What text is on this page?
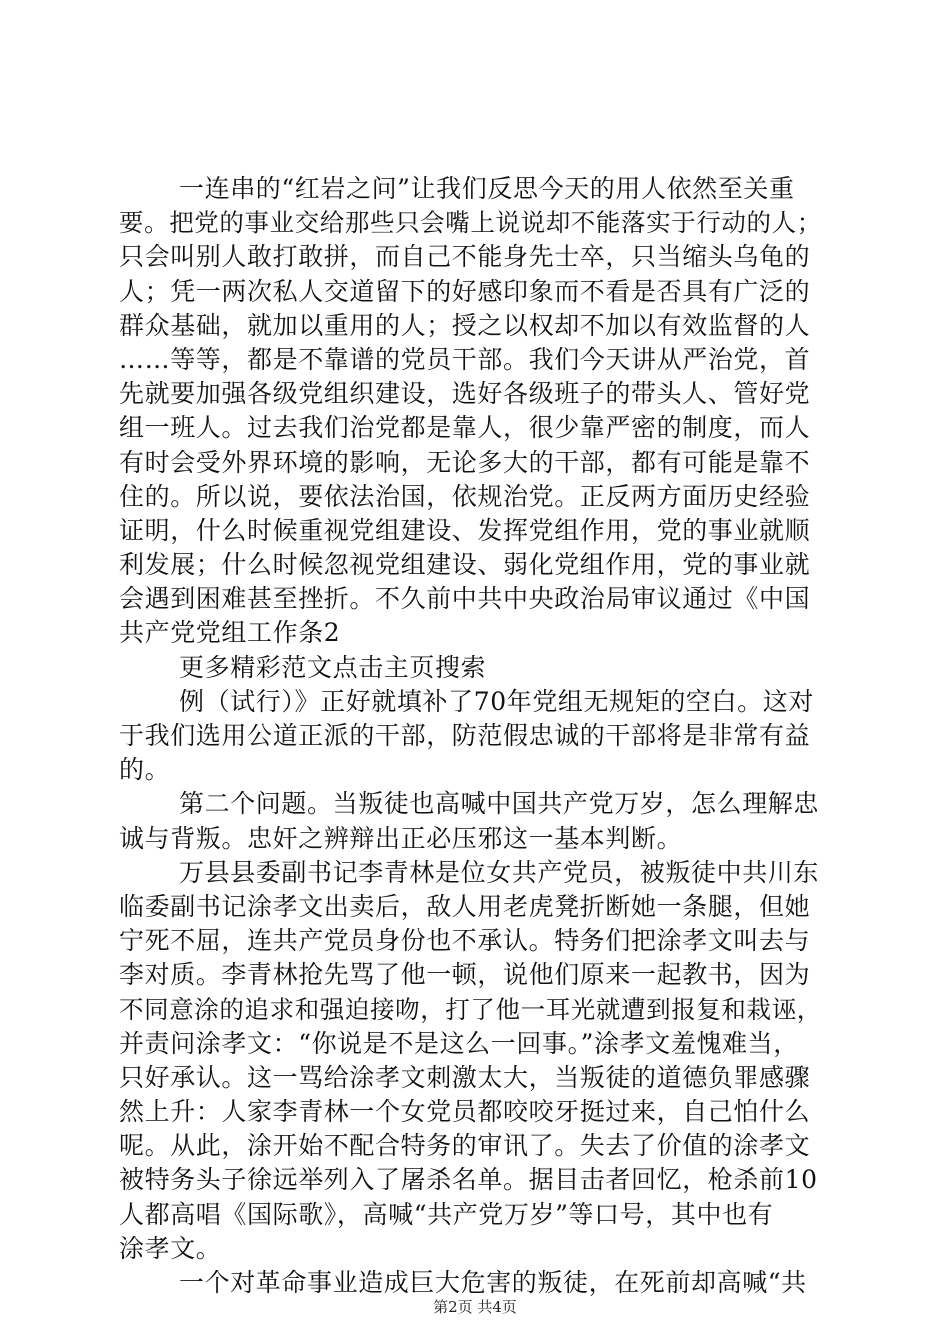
一连串的“红岩之问”让我们反思今天的用人依然至关重
要。把党的事业交给那些只会嘴上说说却不能落实于行动的人；
只会叫别人敢打敢拼，而自己不能身先士卒，只当缩头乌龟的
人；凭一两次私人交道留下的好感印象而不看是否具有广泛的
群众基础，就加以重用的人；授之以权却不加以有效监督的人
……等等，都是不靠谱的党员干部。我们今天讲从严治党，首
先就要加强各级党组织建设，选好各级班子的带头人、管好党
组一班人。过去我们治党都是靠人，很少靠严密的制度，而人
有时会受外界环境的影响，无论多大的干部，都有可能是靠不
住的。所以说，要依法治国，依规治党。正反两方面历史经验
证明，什么时候重视党组建设、发挥党组作用，党的事业就顺
利发展；什么时候忽视党组建设、弱化党组作用，党的事业就
会遇到困难甚至挫折。不久前中共中央政治局审议通过《中国
共产党党组工作条2
更多精彩范文点击主页搜索
例（试行）》正好就填补了70年党组无规矩的空白。这对
于我们选用公道正派的干部，防范假忠诚的干部将是非常有益
的。
第二个问题。当叛徒也高喊中国共产党万岁，怎么理解忠
诚与背叛。忠奸之辨辩出正必压邪这一基本判断。
万县县委副书记李青林是位女共产党员，被叛徒中共川东
临委副书记涂孝文出卖后，敌人用老虎凳折断她一条腿，但她
宁死不屈，连共产党员身份也不承认。特务们把涂孝文叫去与
李对质。李青林抢先骂了他一顿，说他们原来一起教书，因为
不同意涂的追求和强迫接吻，打了他一耳光就遭到报复和栽诬，
并责问涂孝文：“你说是不是这么一回事。”涂孝文羞愧难当，
只好承认。这一骂给涂孝文刺激太大，当叛徒的道德负罪感骤
然上升：人家李青林一个女党员都咬咬牙挺过来，自己怕什么
呢。从此，涂开始不配合特务的审讯了。失去了价值的涂孝文
被特务头子徐远举列入了屠杀名单。据目击者回忆，枪杀前10
人都高唱《国际歌》，高喊“共产党万岁”等口号，其中也有
涂孝文。
一个对革命事业造成巨大危害的叛徒，在死前却高喊“共
第2页 共4页
